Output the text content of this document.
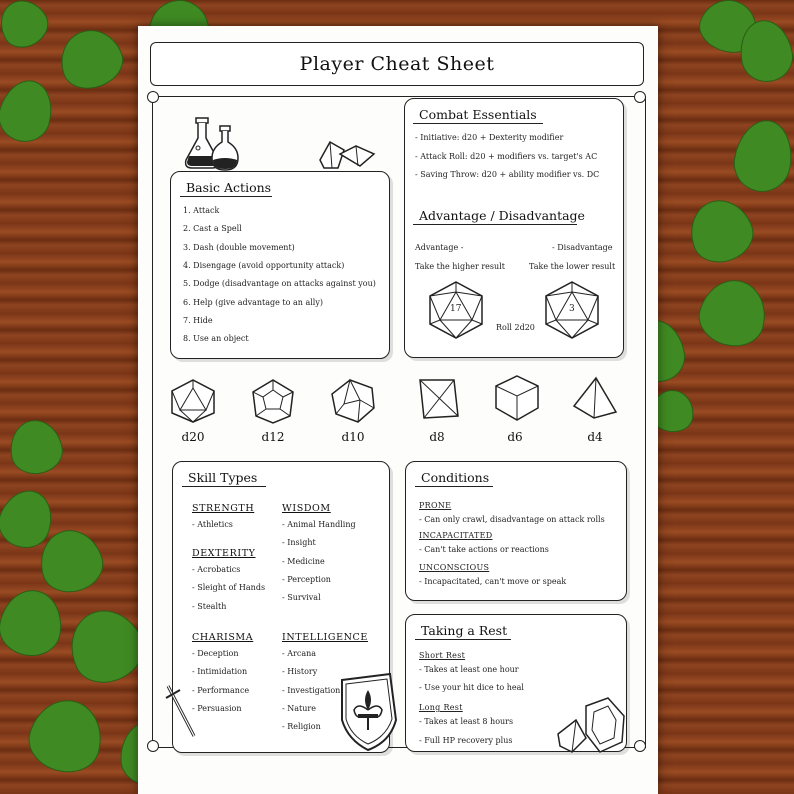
Player Cheat Sheet
Basic Actions
Combat Essentials
Advantage / Disadvantage
Advantage -	- Disadvantage
Take the higher result	Take the lower result
17	3
Roll 2d20
d20	d12	d10	d8	d6	d4
Skill Types	Conditions
Taking a Rest
Short Rest
- Takes at least one hour
- Use your hit dice to heal
Long Rest
- Takes at least 8 hours
- Full HP recovery plus
1. Attack
2. Cast a Spell
3. Dash (double movement)
4. Disengage (avoid opportunity attack)
5. Dodge (disadvantage on attacks against you)
6. Help (give advantage to an ally)
7. Hide
8. Use an object
- Initiative: d20 + Dexterity modifier
- Attack Roll: d20 + modifiers vs. target's AC
- Saving Throw: d20 + ability modifier vs. DC
STRENGTH
- Athletics
DEXTERITY
- Acrobatics
- Sleight of Hands
- Stealth
CHARISMA
- Deception
- Intimidation
- Performance
- Persuasion
WISDOM
- Animal Handling
- Insight
- Medicine
- Perception
- Survival
INTELLIGENCE
- Arcana
- History
- Investigation
- Nature
- Religion
PRONE
- Can only crawl, disadvantage on attack rolls
INCAPACITATED
- Can't take actions or reactions
UNCONSCIOUS
- Incapacitated, can't move or speak
